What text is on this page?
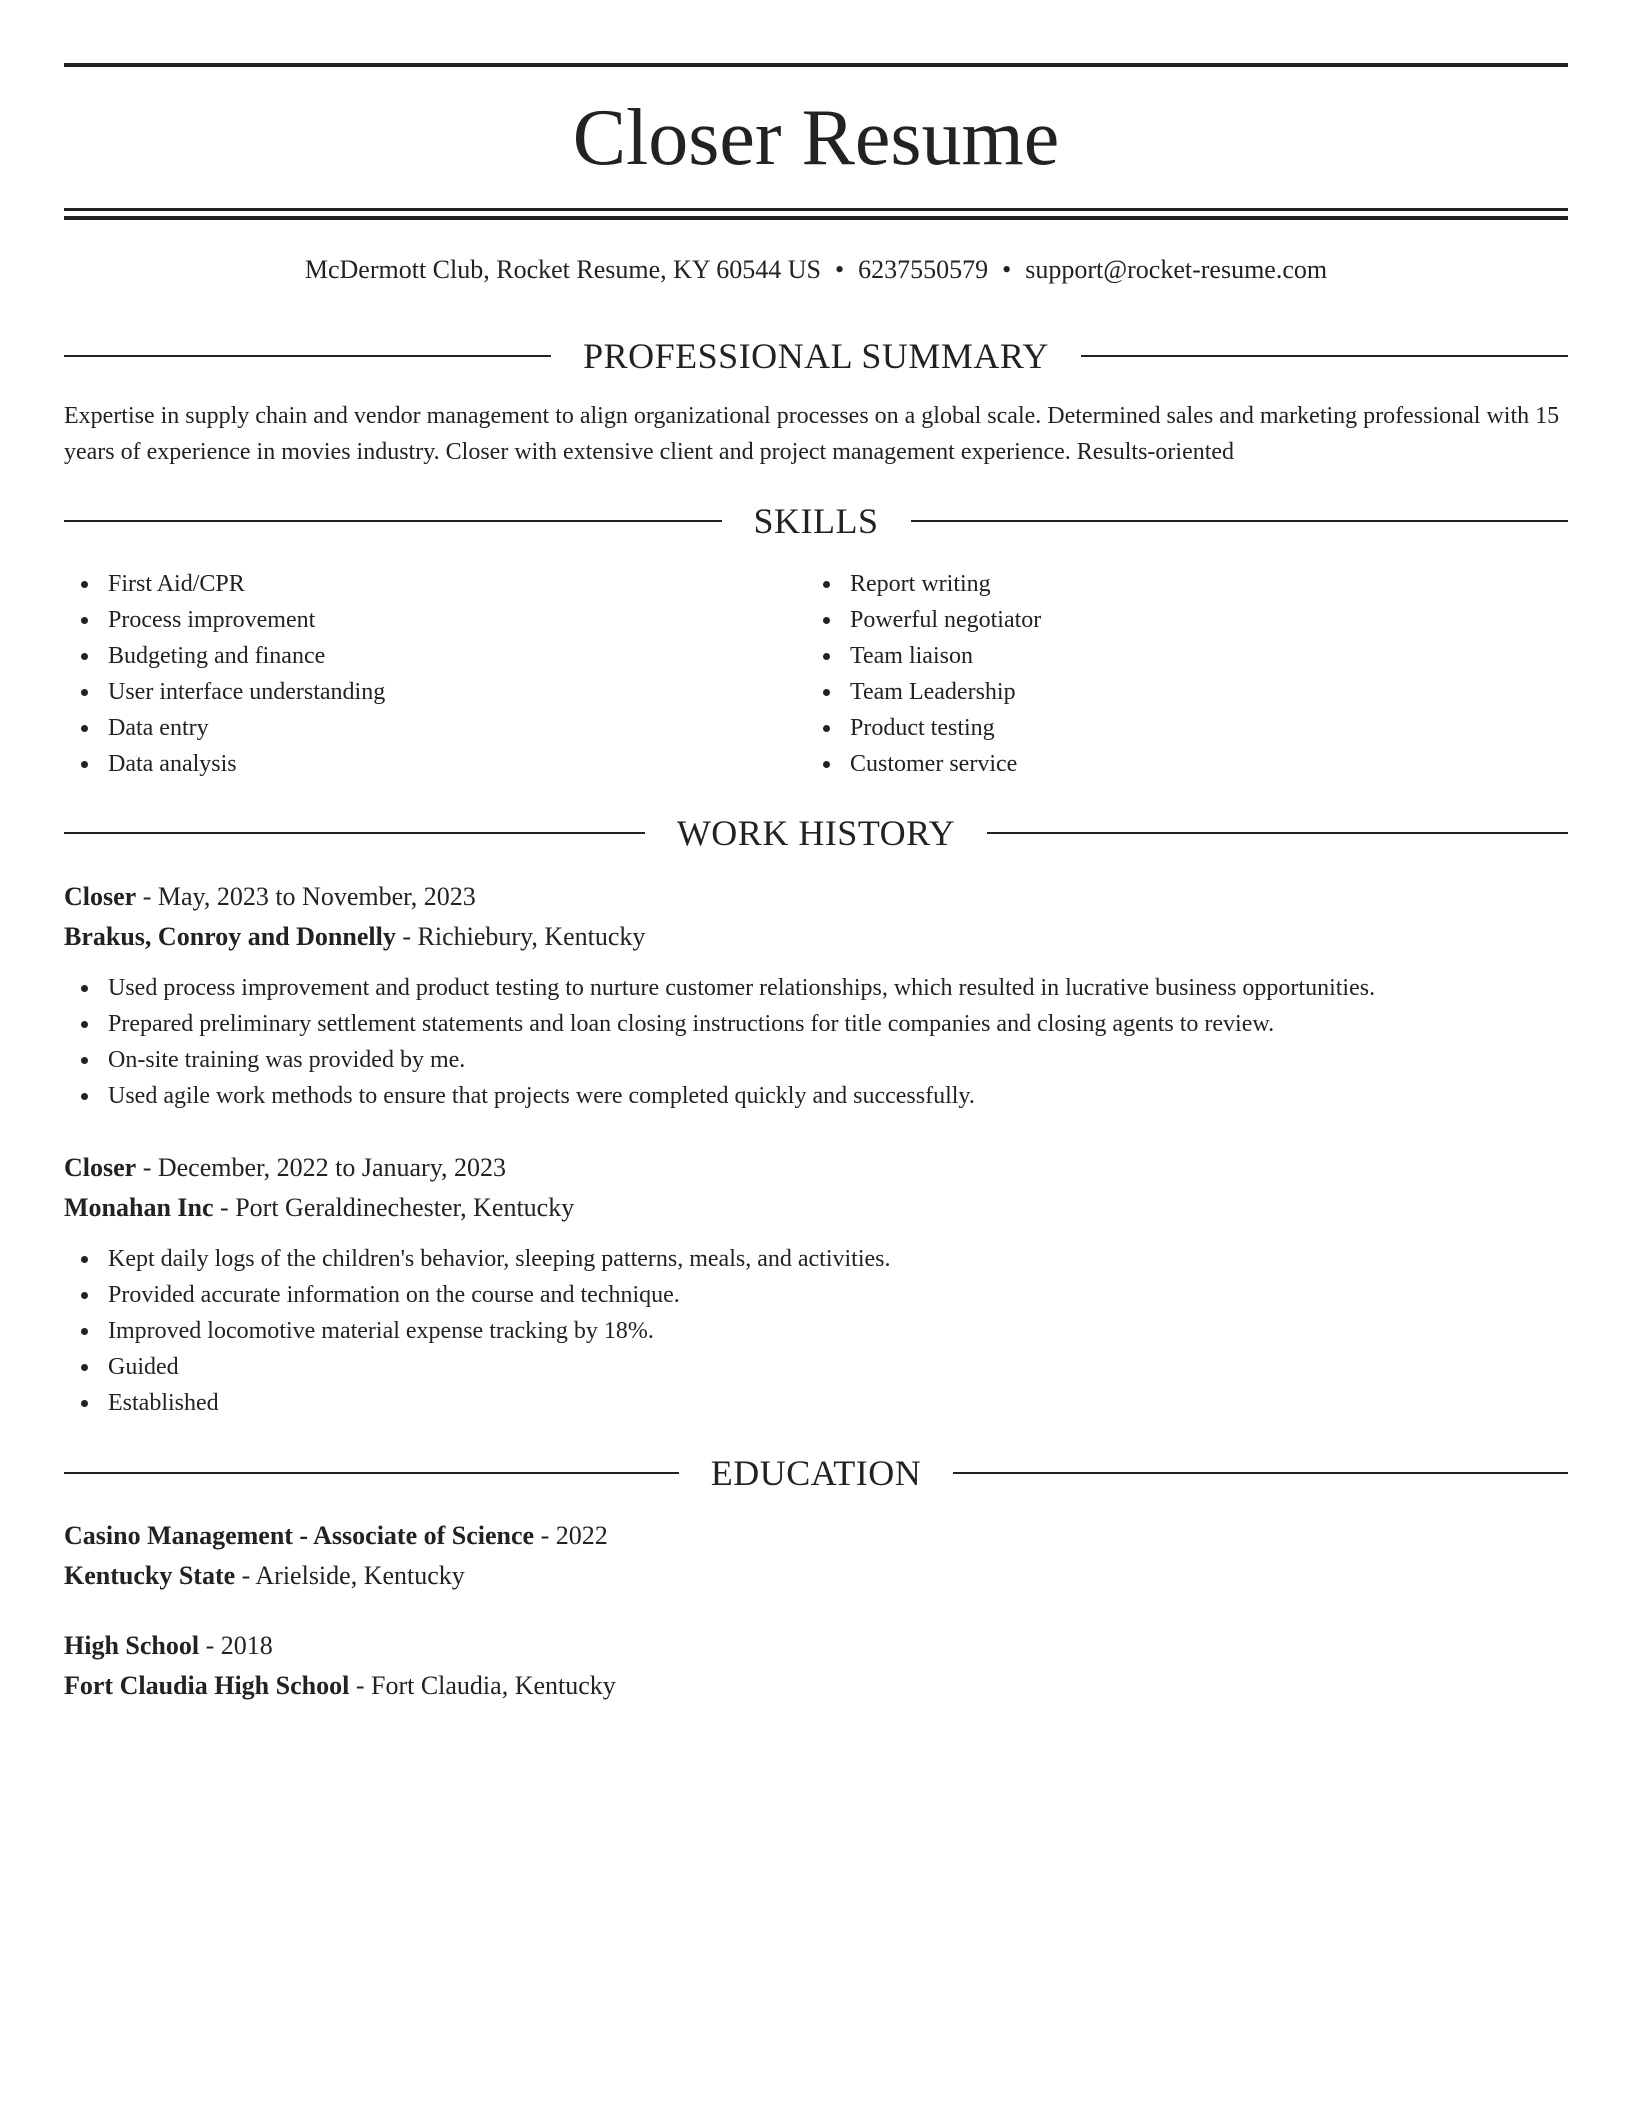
Closer Resume
McDermott Club, Rocket Resume, KY 60544 US • 6237550579 • support@rocket-resume.com
PROFESSIONAL SUMMARY

Expertise in supply chain and vendor management to align organizational processes on a global scale. Determined sales and marketing professional with 15 years of experience in movies industry. Closer with extensive client and project management experience. Results-oriented

SKILLS
First Aid/CPR
Process improvement
Budgeting and finance
User interface understanding
Data entry
Data analysis
Report writing
Powerful negotiator
Team liaison
Team Leadership
Product testing
Customer service
WORK HISTORY
Closer - May, 2023 to November, 2023
Brakus, Conroy and Donnelly - Richiebury, Kentucky
Used process improvement and product testing to nurture customer relationships, which resulted in lucrative business opportunities.
Prepared preliminary settlement statements and loan closing instructions for title companies and closing agents to review.
On-site training was provided by me.
Used agile work methods to ensure that projects were completed quickly and successfully.
Closer - December, 2022 to January, 2023
Monahan Inc - Port Geraldinechester, Kentucky
Kept daily logs of the children's behavior, sleeping patterns, meals, and activities.
Provided accurate information on the course and technique.
Improved locomotive material expense tracking by 18%.
Guided
Established
EDUCATION
Casino Management - Associate of Science - 2022
Kentucky State - Arielside, Kentucky
High School - 2018
Fort Claudia High School - Fort Claudia, Kentucky
